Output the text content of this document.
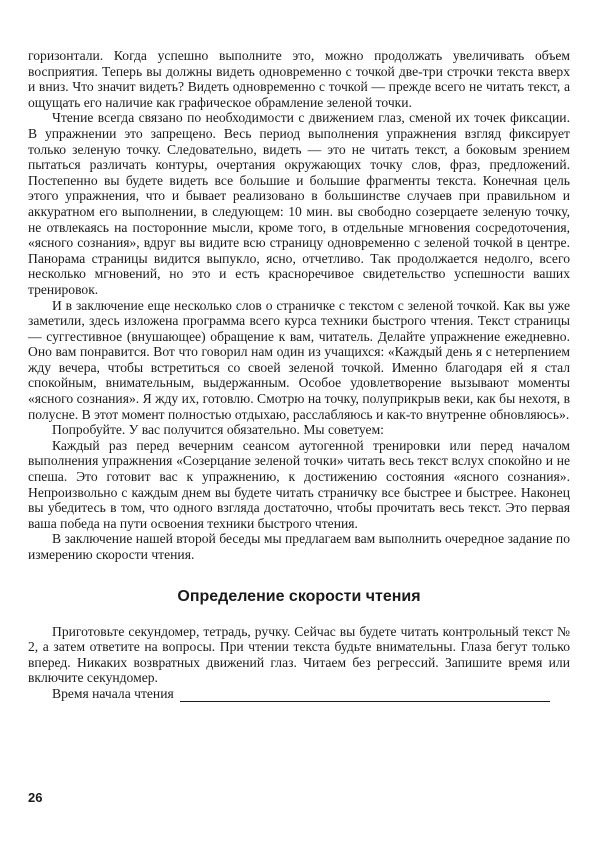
горизонтали. Когда успешно выполните это, можно продолжать увеличивать объем восприятия. Теперь вы должны видеть одновременно с точкой две-три строчки текста вверх и вниз. Что значит видеть? Видеть одновременно с точкой — прежде всего не читать текст, а ощущать его наличие как графическое обрамление зеленой точки.

Чтение всегда связано по необходимости с движением глаз, сменой их точек фиксации. В упражнении это запрещено. Весь период выполнения упражнения взгляд фиксирует только зеленую точку. Следовательно, видеть — это не читать текст, а боковым зрением пытаться различать контуры, очертания окружающих точку слов, фраз, предложений. Постепенно вы будете видеть все большие и большие фрагменты текста. Конечная цель этого упражнения, что и бывает реализовано в большинстве случаев при правильном и аккуратном его выполнении, в следующем: 10 мин. вы свободно созерцаете зеленую точку, не отвлекаясь на посторонние мысли, кроме того, в отдельные мгновения сосредоточения, «ясного сознания», вдруг вы видите всю страницу одновременно с зеленой точкой в центре. Панорама страницы видится выпукло, ясно, отчетливо. Так продолжается недолго, всего несколько мгновений, но это и есть красноречивое свидетельство успешности ваших тренировок.

И в заключение еще несколько слов о страничке с текстом с зеленой точкой. Как вы уже заметили, здесь изложена программа всего курса техники быстрого чтения. Текст страницы — суггестивное (внушающее) обращение к вам, читатель. Делайте упражнение ежедневно. Оно вам понравится. Вот что говорил нам один из учащихся: «Каждый день я с нетерпением жду вечера, чтобы встретиться со своей зеленой точкой. Именно благодаря ей я стал спокойным, внимательным, выдержанным. Особое удовлетворение вызывают моменты «ясного сознания». Я жду их, готовлю. Смотрю на точку, полуприкрыв веки, как бы нехотя, в полусне. В этот момент полностью отдыхаю, расслабляюсь и как-то внутренне обновляюсь».

Попробуйте. У вас получится обязательно. Мы советуем:

Каждый раз перед вечерним сеансом аутогенной тренировки или перед началом выполнения упражнения «Созерцание зеленой точки» читать весь текст вслух спокойно и не спеша. Это готовит вас к упражнению, к достижению состояния «ясного сознания». Непроизвольно с каждым днем вы будете читать страничку все быстрее и быстрее. Наконец вы убедитесь в том, что одного взгляда достаточно, чтобы прочитать весь текст. Это первая ваша победа на пути освоения техники быстрого чтения.

В заключение нашей второй беседы мы предлагаем вам выполнить очередное задание по измерению скорости чтения.

Определение скорости чтения

Приготовьте секундомер, тетрадь, ручку. Сейчас вы будете читать контрольный текст № 2, а затем ответите на вопросы. При чтении текста будьте внимательны. Глаза бегут только вперед. Никаких возвратных движений глаз. Читаем без регрессий. Запишите время или включите секундомер.

Время начала чтения
26
